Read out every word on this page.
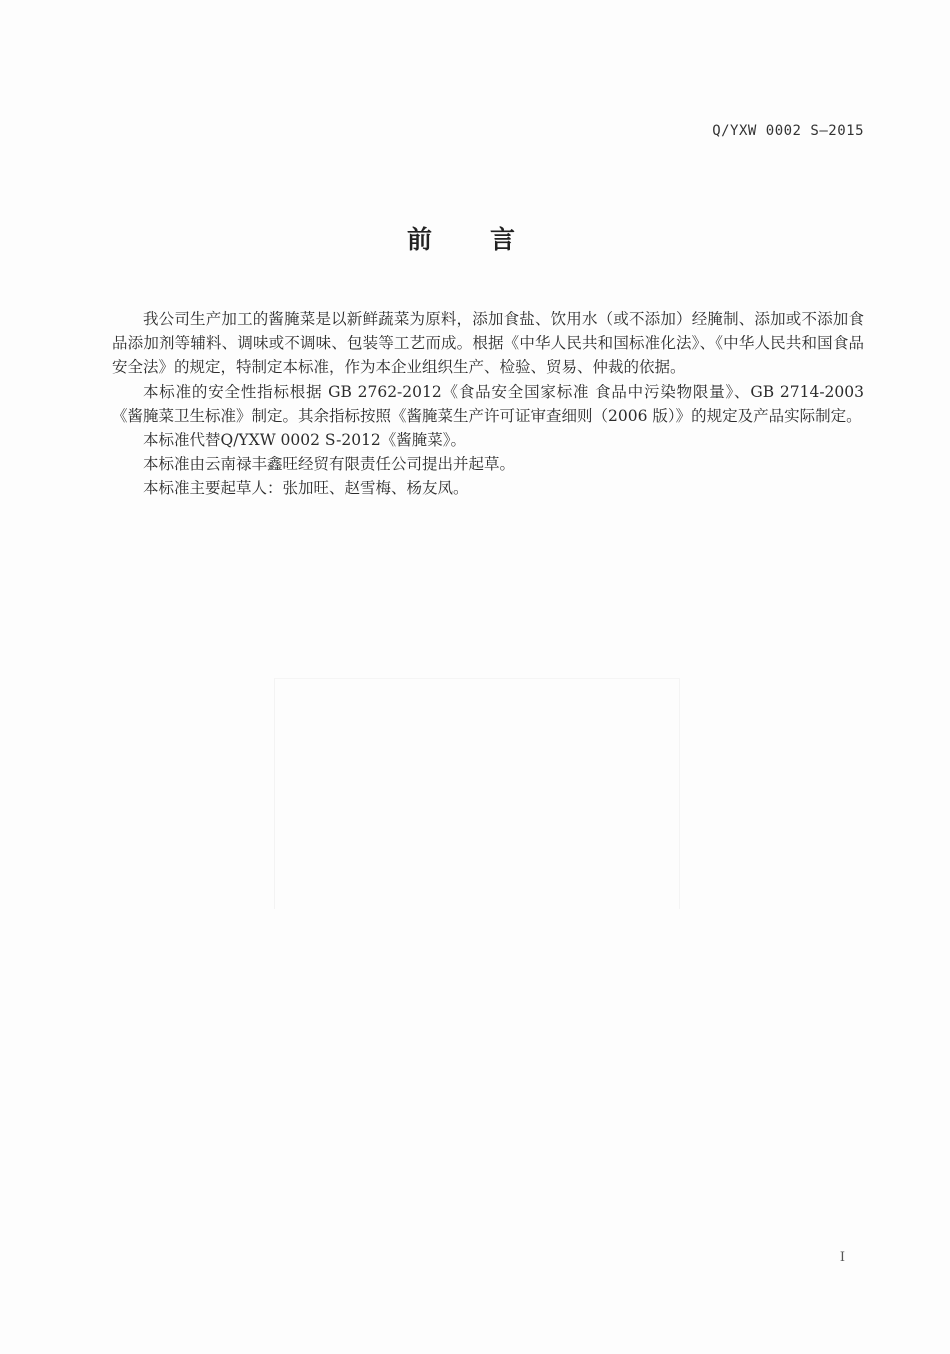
Q/YXW 0002 S—2015
前言

我公司生产加工的酱腌菜是以新鲜蔬菜为原料，添加食盐、饮用水（或不添加）经腌制、添加或不添加食品添加剂等辅料、调味或不调味、包装等工艺而成。根据《中华人民共和国标准化法》、《中华人民共和国食品安全法》的规定，特制定本标准，作为本企业组织生产、检验、贸易、仲裁的依据。

本标准的安全性指标根据 GB 2762-2012《食品安全国家标准 食品中污染物限量》、GB 2714-2003《酱腌菜卫生标准》制定。其余指标按照《酱腌菜生产许可证审查细则（2006 版）》的规定及产品实际制定。

本标准代替Q/YXW 0002 S-2012《酱腌菜》。

本标准由云南禄丰鑫旺经贸有限责任公司提出并起草。

本标准主要起草人：张加旺、赵雪梅、杨友凤。

I
